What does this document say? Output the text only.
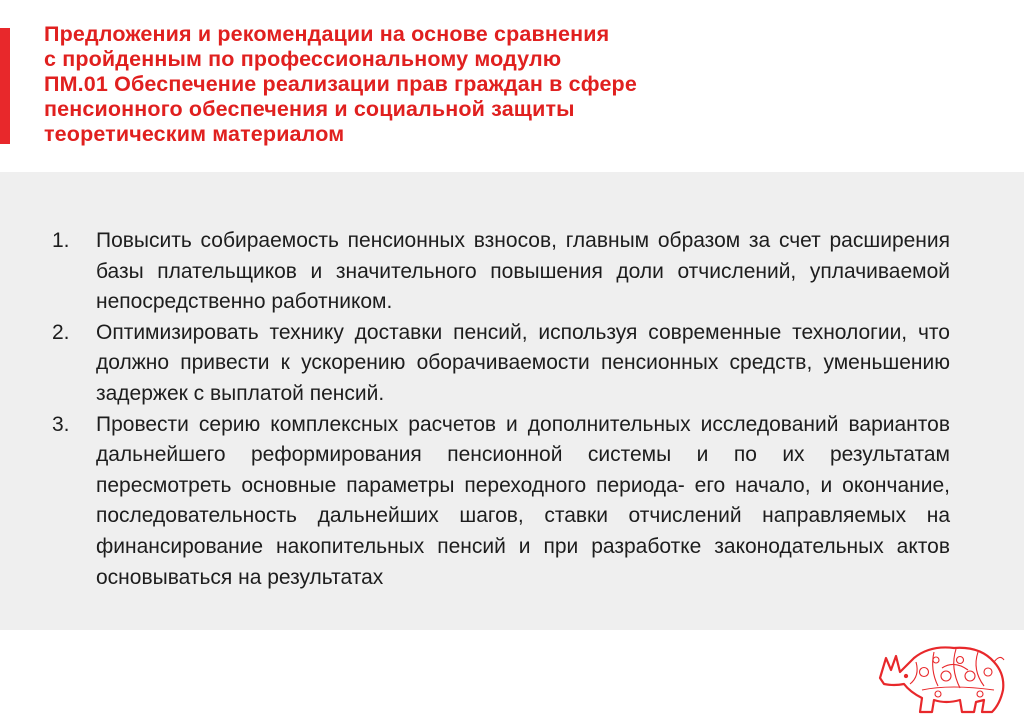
Предложения и рекомендации на основе сравнения
с пройденным по профессиональному модулю
ПМ.01 Обеспечение реализации прав граждан в сфере
пенсионного обеспечения и социальной защиты
теоретическим материалом
1. Повысить собираемость пенсионных взносов, главным образом за счет расширения базы плательщиков и значительного повышения доли отчислений, уплачиваемой непосредственно работником.
2. Оптимизировать технику доставки пенсий, используя современные технологии, что должно привести к ускорению оборачиваемости пенсионных средств, уменьшению задержек с выплатой пенсий.
3. Провести серию комплексных расчетов и дополнительных исследований вариантов дальнейшего реформирования пенсионной системы и по их результатам пересмотреть основные параметры переходного периода- его начало, и окончание, последовательность дальнейших шагов, ставки отчислений направляемых на финансирование накопительных пенсий и при разработке законодательных актов основываться на результатах
